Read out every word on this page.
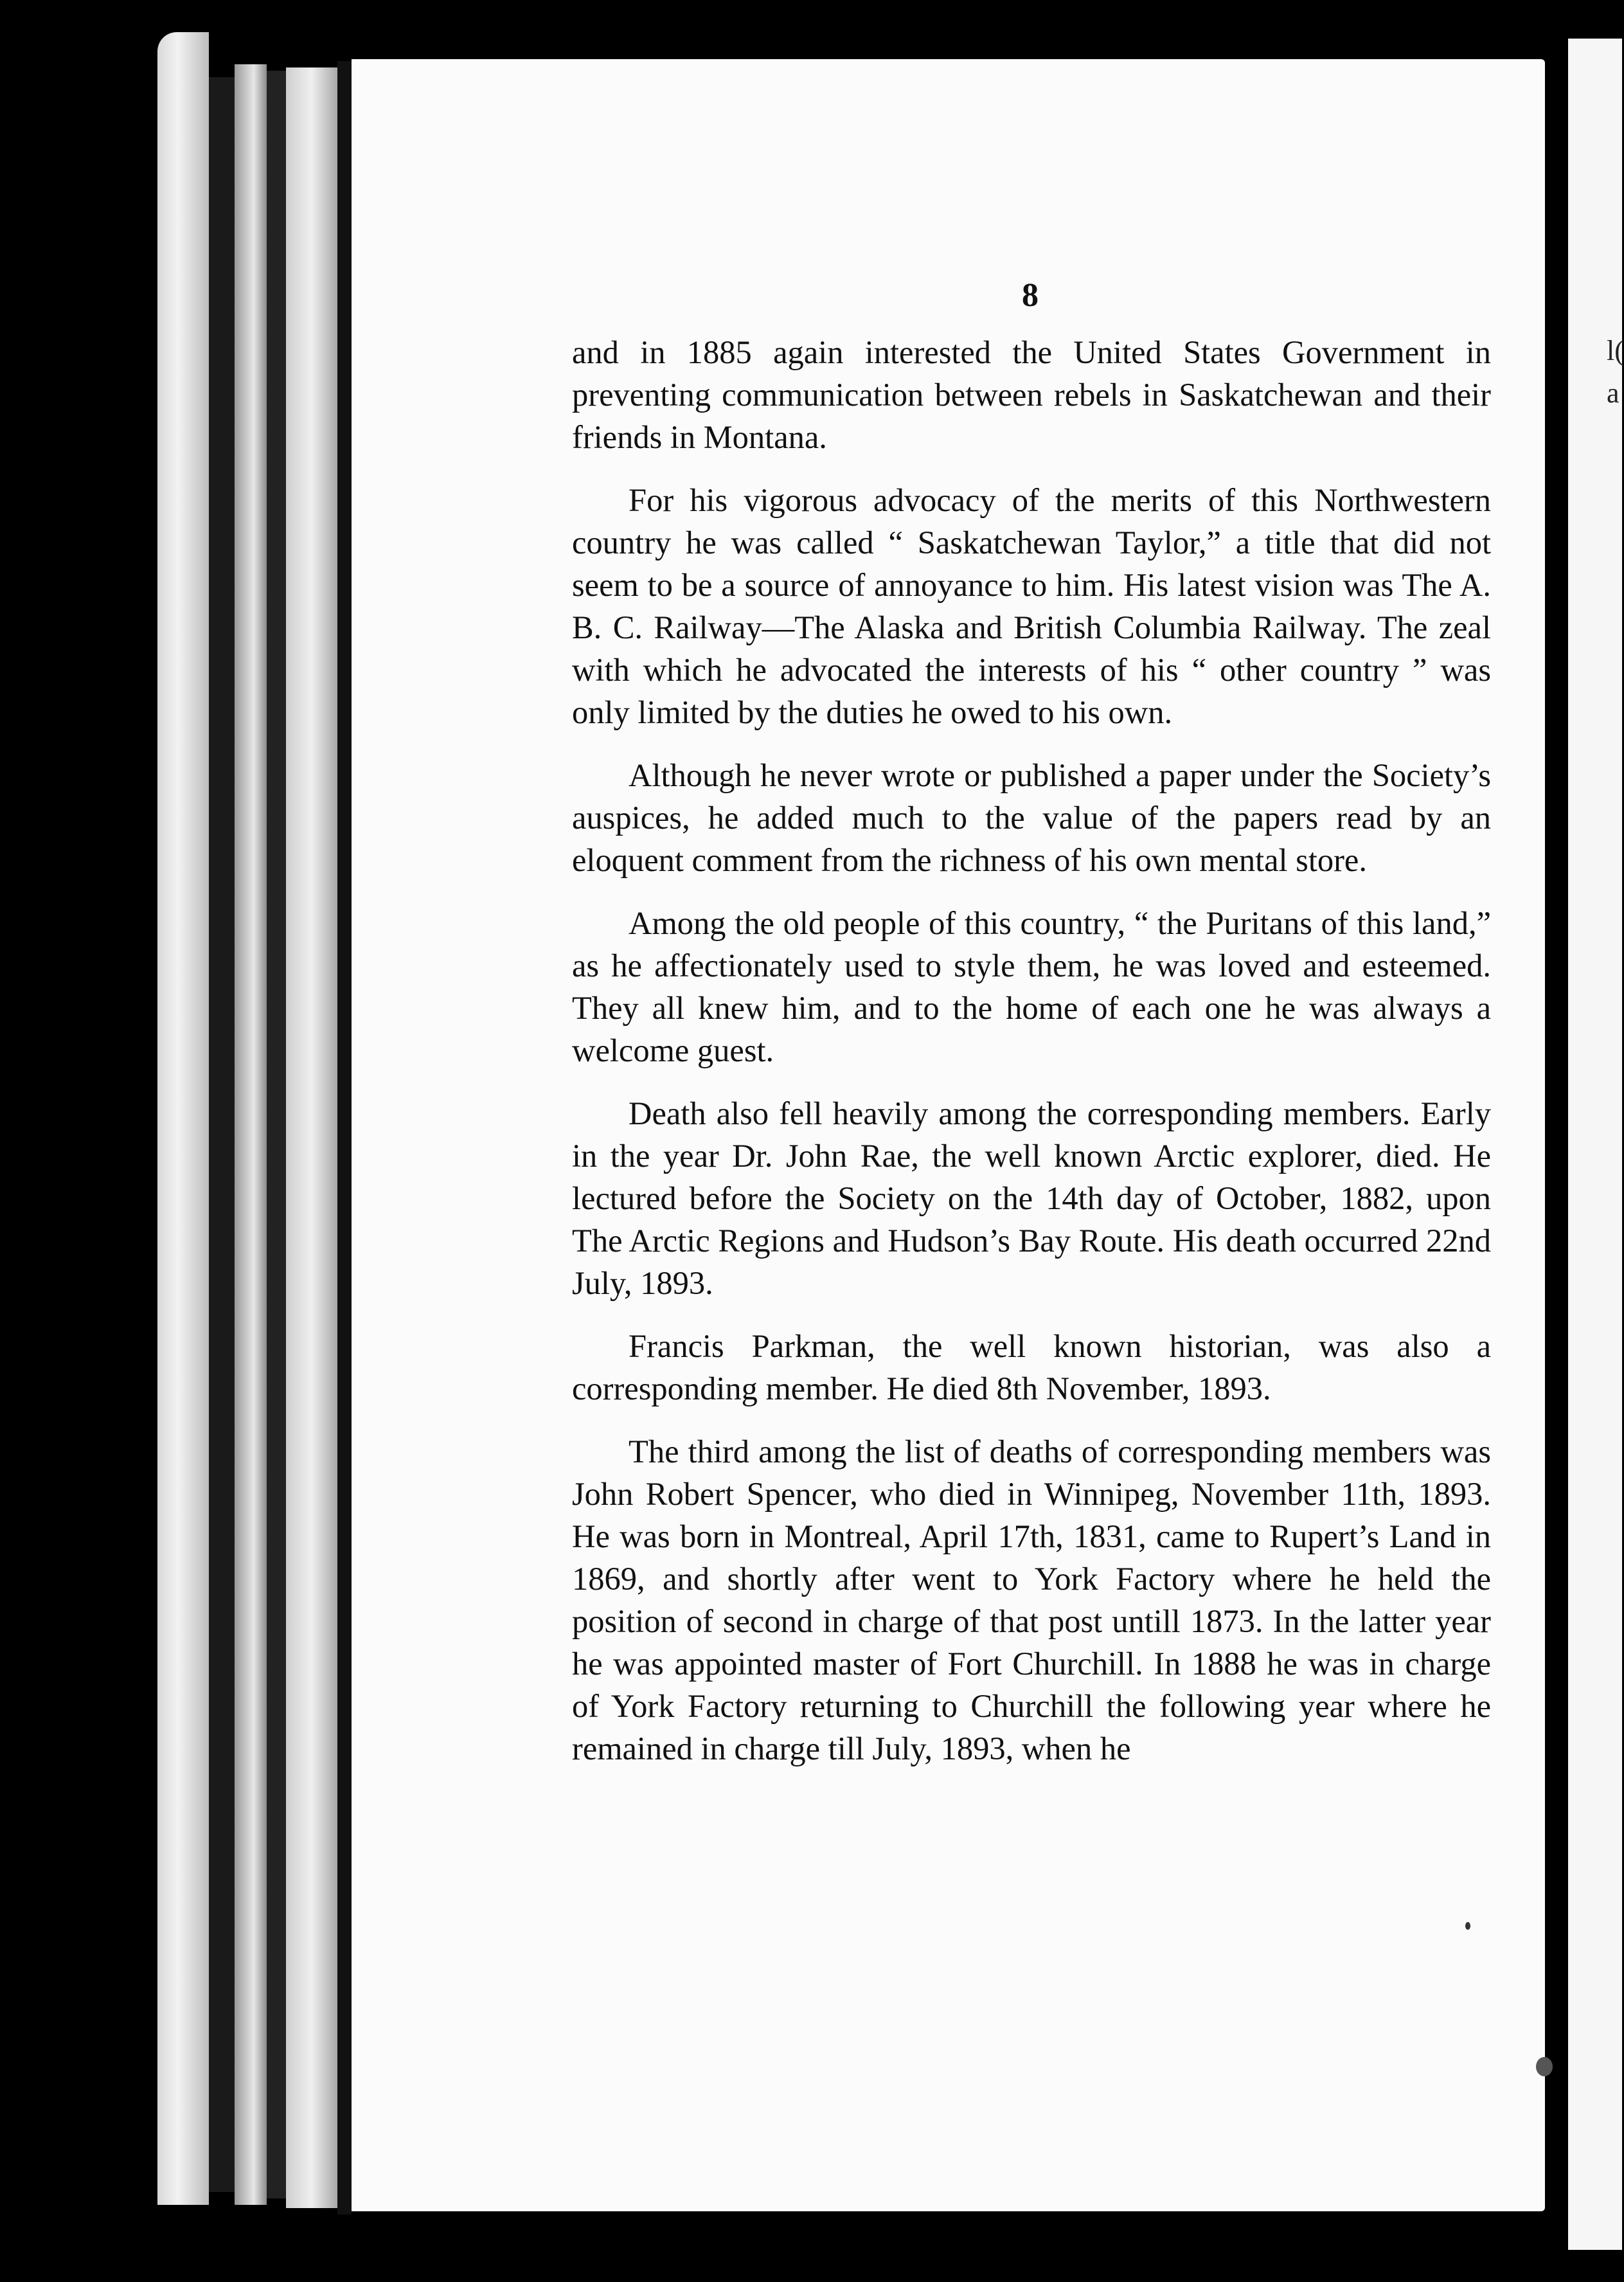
l(
a
8

and in 1885 again interested the United States Government in preventing communication between rebels in Saskatchewan and their friends in Montana.

For his vigorous advocacy of the merits of this Northwestern country he was called “ Saskatchewan Taylor,” a title that did not seem to be a source of annoyance to him. His latest vision was The A. B. C. Railway—The Alaska and British Columbia Railway. The zeal with which he advocated the interests of his “ other country ” was only limited by the duties he owed to his own.

Although he never wrote or published a paper under the Society’s auspices, he added much to the value of the papers read by an eloquent comment from the richness of his own mental store.

Among the old people of this country, “ the Puritans of this land,” as he affectionately used to style them, he was loved and esteemed. They all knew him, and to the home of each one he was always a welcome guest.

Death also fell heavily among the corresponding members. Early in the year Dr. John Rae, the well known Arctic explorer, died. He lectured before the Society on the 14th day of October, 1882, upon The Arctic Regions and Hudson’s Bay Route. His death occurred 22nd July, 1893.

Francis Parkman, the well known historian, was also a corresponding member. He died 8th November, 1893.

The third among the list of deaths of corresponding members was John Robert Spencer, who died in Winnipeg, November 11th, 1893. He was born in Montreal, April 17th, 1831, came to Rupert’s Land in 1869, and shortly after went to York Factory where he held the position of second in charge of that post untill 1873. In the latter year he was appointed master of Fort Churchill. In 1888 he was in charge of York Factory returning to Churchill the following year where he remained in charge till July, 1893, when he
